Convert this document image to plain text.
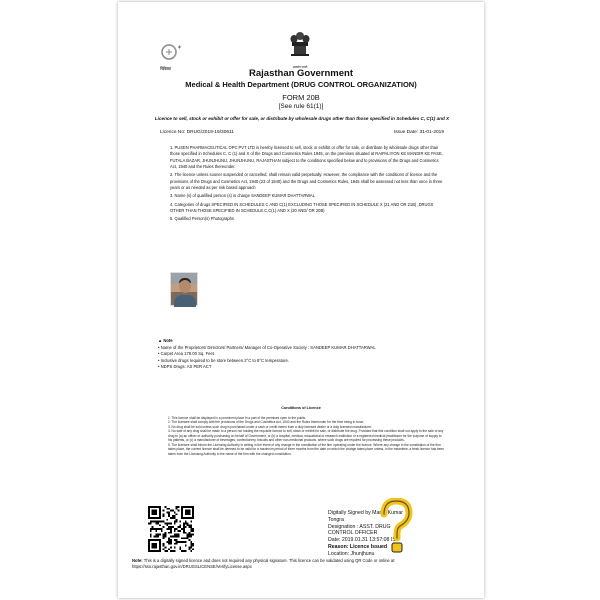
चिकित्सा	सत्यमेव जयते
Rajasthan Government
Medical & Health Department (DRUG CONTROL ORGANIZATION)
FORM 20B
[See rule 61(1)]
Licence to sell, stock or exhibit or offer for sale, or distribute by wholesale drugs other than those specified in Schedules C, C(1) and X
Licence No: DRUG/2019-19/30611	Issue Date: 31-01-2019
1. PUSEN PHARMACEUTICAL OPC PVT LTD is hereby licensed to sell, stock or exhibit or offer for sale, or distribute by wholesale drugs other than those specified in Schedules C, C (1) and X of the Drugs and Cosmetics Rules 1945, on the premises situated at RAIPALIYON KE MANDIR KE PASE, FUTALA BAZAR, JHUNJHUNU, JHUNJHUNU, RAJASTHAN subject to the conditions specified below and to provisions of the Drugs and Cosmetics Act, 1940 and the Rules thereunder.
2. The licence unless sooner suspended or cancelled, shall remain valid perpetually. However, the compliance with the conditions of licence and the provisions of the Drugs and Cosmetics Act, 1940 (23 of 1940) and the Drugs and Cosmetics Rules, 1945 shall be assessed not less than once in three years or as needed as per risk based approach
3. Name (s) of qualified person (s) in charge SANDEEP KUMAR DHATTARWAL
4. Categories of drugs SPECIFIED IN SCHEDULES C AND C(1) EXCLUDING THOSE SPECIFIED IN SCHEDULE X (21 AND OR 21B) ,DRUGS OTHER THAN THOSE SPECIFIED IN SCHEDULE C,C(1) AND X (20 AND/ OR 20B)
5. Qualified Person(s) Photographs
▲ Note
• Name of the Proprietors/ Directors/ Partners/ Manager of Co-Operative Society : SANDEEP KUMAR DHATTARWAL
• Carpet Area 178.00 Sq. Feet.
• Inclusive drugs required to be store between 2°C to 8°C temperature.
• NDPS Drugs: AS PER ACT
Conditions of Licence
1. This licence shall be displayed in a prominent place in a part of the premises open to the public.
2. The licensee shall comply with the provisions of the Drugs and Cosmetics Act, 1940 and the Rules thereunder for the time being in force.
3. No drug shall be sold unless such drug is purchased under a cash or credit memo from a duly licensed dealer or a duly licensed manufacturer.
4. No sale of any drug shall be made to a person not holding the requisite licence to sell, stock or exhibit for sale, or distribute the drug. Provided that this condition shall not apply to the sale of any drug to (a) an officer or authority purchasing on behalf of Government, or (b) a hospital, medical, educational or research institution or a registered medical practitioner for the purpose of supply to his patients, or (c) a manufacturer of beverages, confectionery, biscuits and other non-medicinal products, where such drugs are required for processing these products.
5. The licensee shall inform the Licensing Authority in writing in the event of any change in the constitution of the firm operating under the licence. Where any change in the constitution of the firm takes place, the current licence shall be deemed to be valid for a maximum period of three months from the date on which the change takes place unless, in the meantime, a fresh licence has been taken from the Licensing Authority in the name of the firm with the changed constitution.
Digitally Signed by Manoj Kumar
Tongra
Designation : ASST. DRUG
CONTROL OFFICER
Date: 2019.01.31 13:57:08 IST
Reason: Licence Issued
Location: Jhunjhunu
Note: This is a digitally signed licence and does not required any physical signature. This licence can be validated using QR Code or online at https://sso.rajasthan.gov.in/DRUGSLICENSE/VerifyLicense.aspx
